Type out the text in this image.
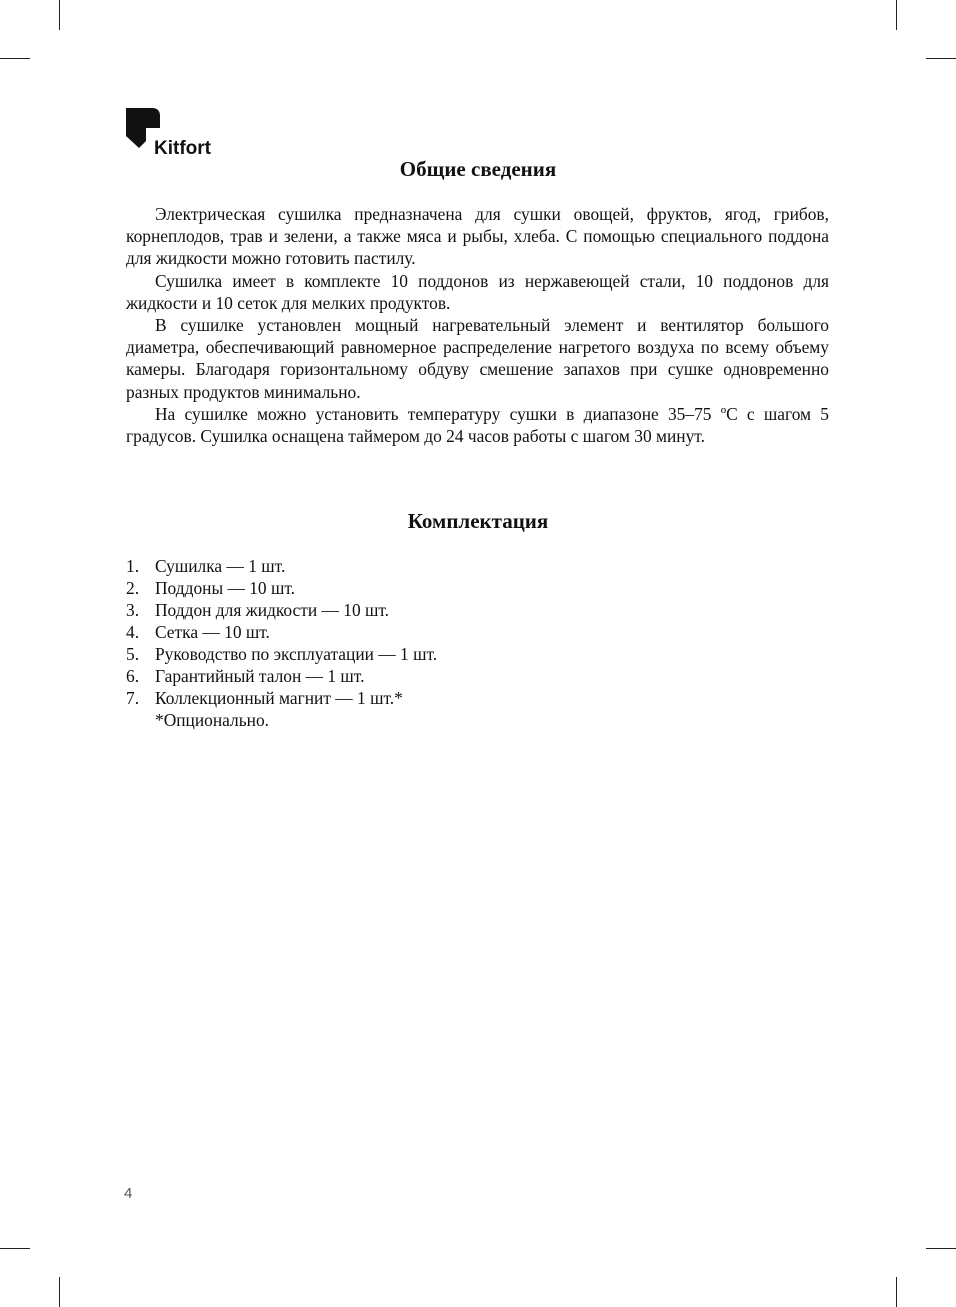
Kitfort
Общие сведения

Электрическая сушилка предназначена для сушки овощей, фруктов, ягод, грибов, корнеплодов, трав и зелени, а также мяса и рыбы, хлеба. С помощью специального поддона для жидкости можно готовить пастилу.

Сушилка имеет в комплекте 10 поддонов из нержавеющей стали, 10 поддонов для жидкости и 10 сеток для мелких продуктов.

В сушилке установлен мощный нагревательный элемент и вентилятор большого диаметра, обеспечивающий равномерное распределение нагретого воздуха по всему объему камеры. Благодаря горизонтальному обдуву смешение запахов при сушке одновременно разных продуктов минимально.

На сушилке можно установить температуру сушки в диапазоне 35–75 ºС с шагом 5 градусов. Сушилка оснащена таймером до 24 часов работы с шагом 30 минут.

Комплектация
1. Сушилка — 1 шт.
2. Поддоны — 10 шт.
3. Поддон для жидкости — 10 шт.
4. Сетка — 10 шт.
5. Руководство по эксплуатации — 1 шт.
6. Гарантийный талон — 1 шт.
7. Коллекционный магнит — 1 шт.*
*Опционально.
4
